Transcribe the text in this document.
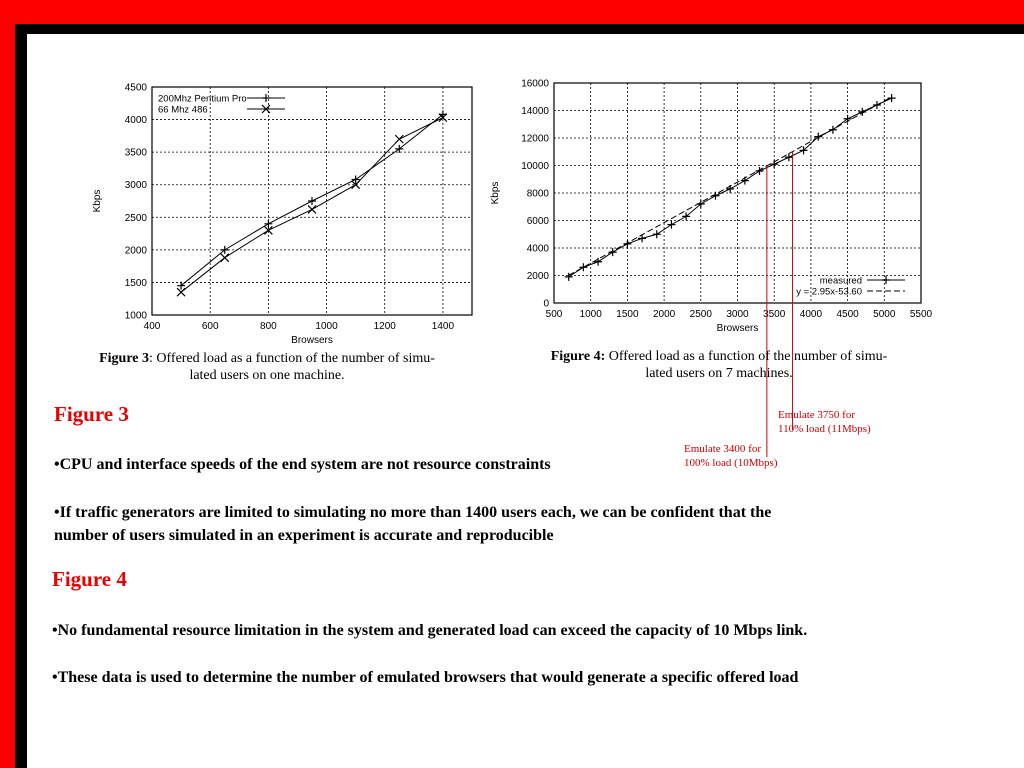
400	600	800	1000	1200	1400
1000
1500
2000
2500
3000
3500
4000
4500
Browsers
Kbps
200Mhz Pentium Pro
66 Mhz 486
Figure 3: Offered load as a function of the number of simu-
lated users on one machine.
500 1000 1500 2000 2500 3000 3500 4000 4500 5000 5500
0
2000
4000
6000
8000
10000
12000
14000
16000
Browsers
Kbps
measured
y = 2.95x-53.60
Figure 4: Offered load as a function of the number of simu-
lated users on 7 machines.
Emulate 3750 for
110% load (11Mbps)
Emulate 3400 for
100% load (10Mbps)
Figure 3
•CPU and interface speeds of the end system are not resource constraints
•If traffic generators are limited to simulating no more than 1400 users each, we can be confident that the
number of users simulated in an experiment is accurate and reproducible
Figure 4
•No fundamental resource limitation in the system and generated load can exceed the capacity of 10 Mbps link.
•These data is used to determine the number of emulated browsers that would generate a specific offered load
